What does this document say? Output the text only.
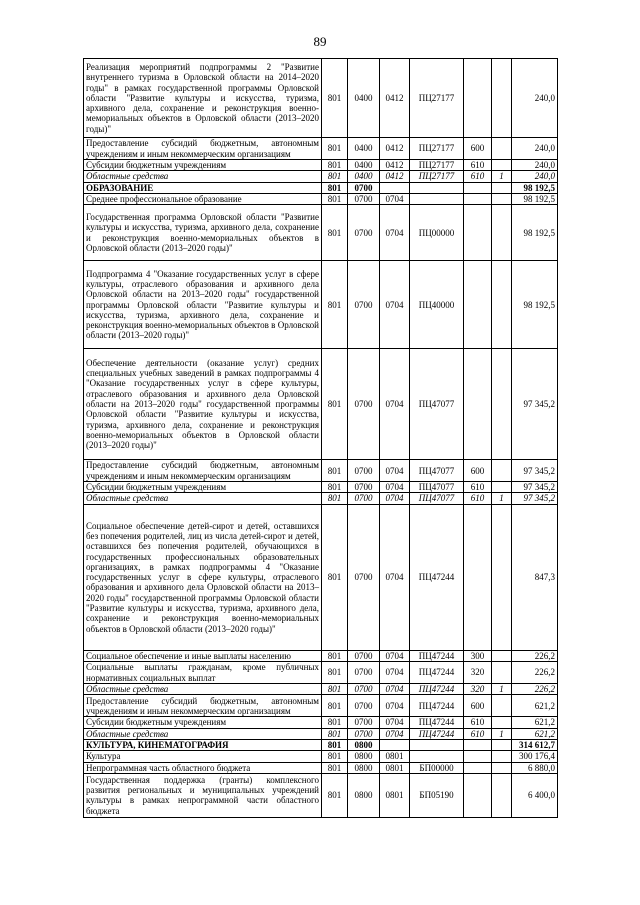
89
Реализация мероприятий подпрограммы 2 "Развитие внутреннего туризма в Орловской области на 2014–2020 годы" в рамках государственной программы Орловской области "Развитие культуры и искусства, туризма, архивного дела, сохранение и реконструкция военно-мемориальных объектов в Орловской области (2013–2020 годы)"	801	0400	0412	ПЦ27177			240,0
Предоставление субсидий бюджетным, автономным учреждениям и иным некоммерческим организациям	801	0400	0412	ПЦ27177	600		240,0
Субсидии бюджетным учреждениям	801	0400	0412	ПЦ27177	610		240,0
Областные средства	801	0400	0412	ПЦ27177	610	1	240,0
ОБРАЗОВАНИЕ	801	0700					98 192,5
Среднее профессиональное образование	801	0700	0704				98 192,5
Государственная программа Орловской области "Развитие культуры и искусства, туризма, архивного дела, сохранение и реконструкция военно-мемориальных объектов в Орловской области (2013–2020 годы)"	801	0700	0704	ПЦ00000			98 192,5
Подпрограмма 4 "Оказание государственных услуг в сфере культуры, отраслевого образования и архивного дела Орловской области на 2013–2020 годы" государственной программы Орловской области "Развитие культуры и искусства, туризма, архивного дела, сохранение и реконструкция военно-мемориальных объектов в Орловской области (2013–2020 годы)"	801	0700	0704	ПЦ40000			98 192,5
Обеспечение деятельности (оказание услуг) средних специальных учебных заведений в рамках подпрограммы 4 "Оказание государственных услуг в сфере культуры, отраслевого образования и архивного дела Орловской области на 2013–2020 годы" государственной программы Орловской области "Развитие культуры и искусства, туризма, архивного дела, сохранение и реконструкция военно-мемориальных объектов в Орловской области (2013–2020 годы)"	801	0700	0704	ПЦ47077			97 345,2
Предоставление субсидий бюджетным, автономным учреждениям и иным некоммерческим организациям	801	0700	0704	ПЦ47077	600		97 345,2
Субсидии бюджетным учреждениям	801	0700	0704	ПЦ47077	610		97 345,2
Областные средства	801	0700	0704	ПЦ47077	610	1	97 345,2
Социальное обеспечение детей-сирот и детей, оставшихся без попечения родителей, лиц из числа детей-сирот и детей, оставшихся без попечения родителей, обучающихся в государственных профессиональных образовательных организациях, в рамках подпрограммы 4 "Оказание государственных услуг в сфере культуры, отраслевого образования и архивного дела Орловской области на 2013–2020 годы" государственной программы Орловской области "Развитие культуры и искусства, туризма, архивного дела, сохранение и реконструкция военно-мемориальных объектов в Орловской области (2013–2020 годы)"	801	0700	0704	ПЦ47244			847,3
Социальное обеспечение и иные выплаты населению	801	0700	0704	ПЦ47244	300		226,2
Социальные выплаты гражданам, кроме публичных нормативных социальных выплат	801	0700	0704	ПЦ47244	320		226,2
Областные средства	801	0700	0704	ПЦ47244	320	1	226,2
Предоставление субсидий бюджетным, автономным учреждениям и иным некоммерческим организациям	801	0700	0704	ПЦ47244	600		621,2
Субсидии бюджетным учреждениям	801	0700	0704	ПЦ47244	610		621,2
Областные средства	801	0700	0704	ПЦ47244	610	1	621,2
КУЛЬТУРА, КИНЕМАТОГРАФИЯ	801	0800					314 612,7
Культура	801	0800	0801				300 176,4
Непрограммная часть областного бюджета	801	0800	0801	БП00000			6 880,0
Государственная поддержка (гранты) комплексного развития региональных и муниципальных учреждений культуры в рамках непрограммной части областного бюджета	801	0800	0801	БП05190			6 400,0
